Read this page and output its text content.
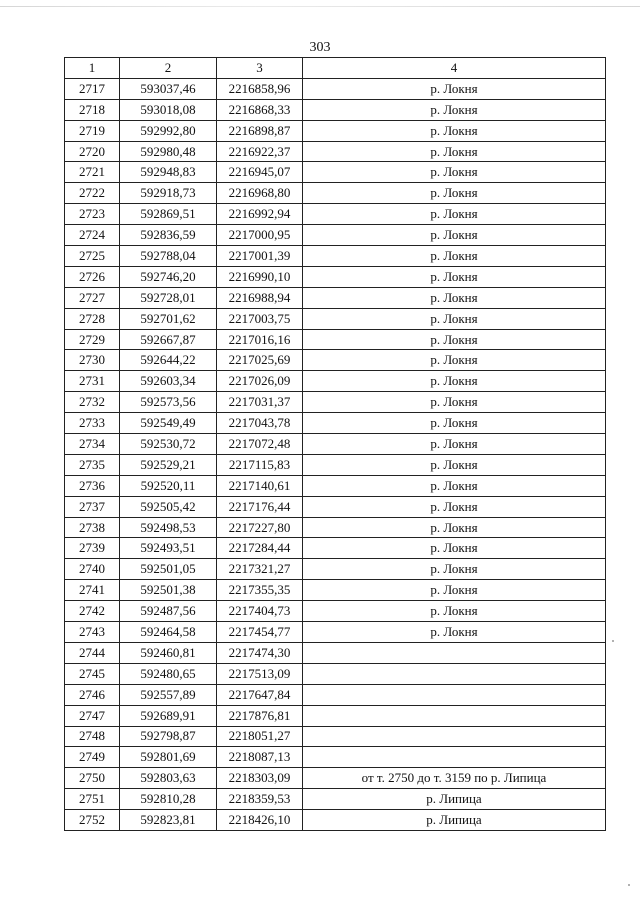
303
1	2	3	4
2717	593037,46	2216858,96	р. Локня
2718	593018,08	2216868,33	р. Локня
2719	592992,80	2216898,87	р. Локня
2720	592980,48	2216922,37	р. Локня
2721	592948,83	2216945,07	р. Локня
2722	592918,73	2216968,80	р. Локня
2723	592869,51	2216992,94	р. Локня
2724	592836,59	2217000,95	р. Локня
2725	592788,04	2217001,39	р. Локня
2726	592746,20	2216990,10	р. Локня
2727	592728,01	2216988,94	р. Локня
2728	592701,62	2217003,75	р. Локня
2729	592667,87	2217016,16	р. Локня
2730	592644,22	2217025,69	р. Локня
2731	592603,34	2217026,09	р. Локня
2732	592573,56	2217031,37	р. Локня
2733	592549,49	2217043,78	р. Локня
2734	592530,72	2217072,48	р. Локня
2735	592529,21	2217115,83	р. Локня
2736	592520,11	2217140,61	р. Локня
2737	592505,42	2217176,44	р. Локня
2738	592498,53	2217227,80	р. Локня
2739	592493,51	2217284,44	р. Локня
2740	592501,05	2217321,27	р. Локня
2741	592501,38	2217355,35	р. Локня
2742	592487,56	2217404,73	р. Локня
2743	592464,58	2217454,77	р. Локня
2744	592460,81	2217474,30	
2745	592480,65	2217513,09	
2746	592557,89	2217647,84	
2747	592689,91	2217876,81	
2748	592798,87	2218051,27	
2749	592801,69	2218087,13	
2750	592803,63	2218303,09	от т. 2750 до т. 3159 по р. Липица
2751	592810,28	2218359,53	р. Липица
2752	592823,81	2218426,10	р. Липица
